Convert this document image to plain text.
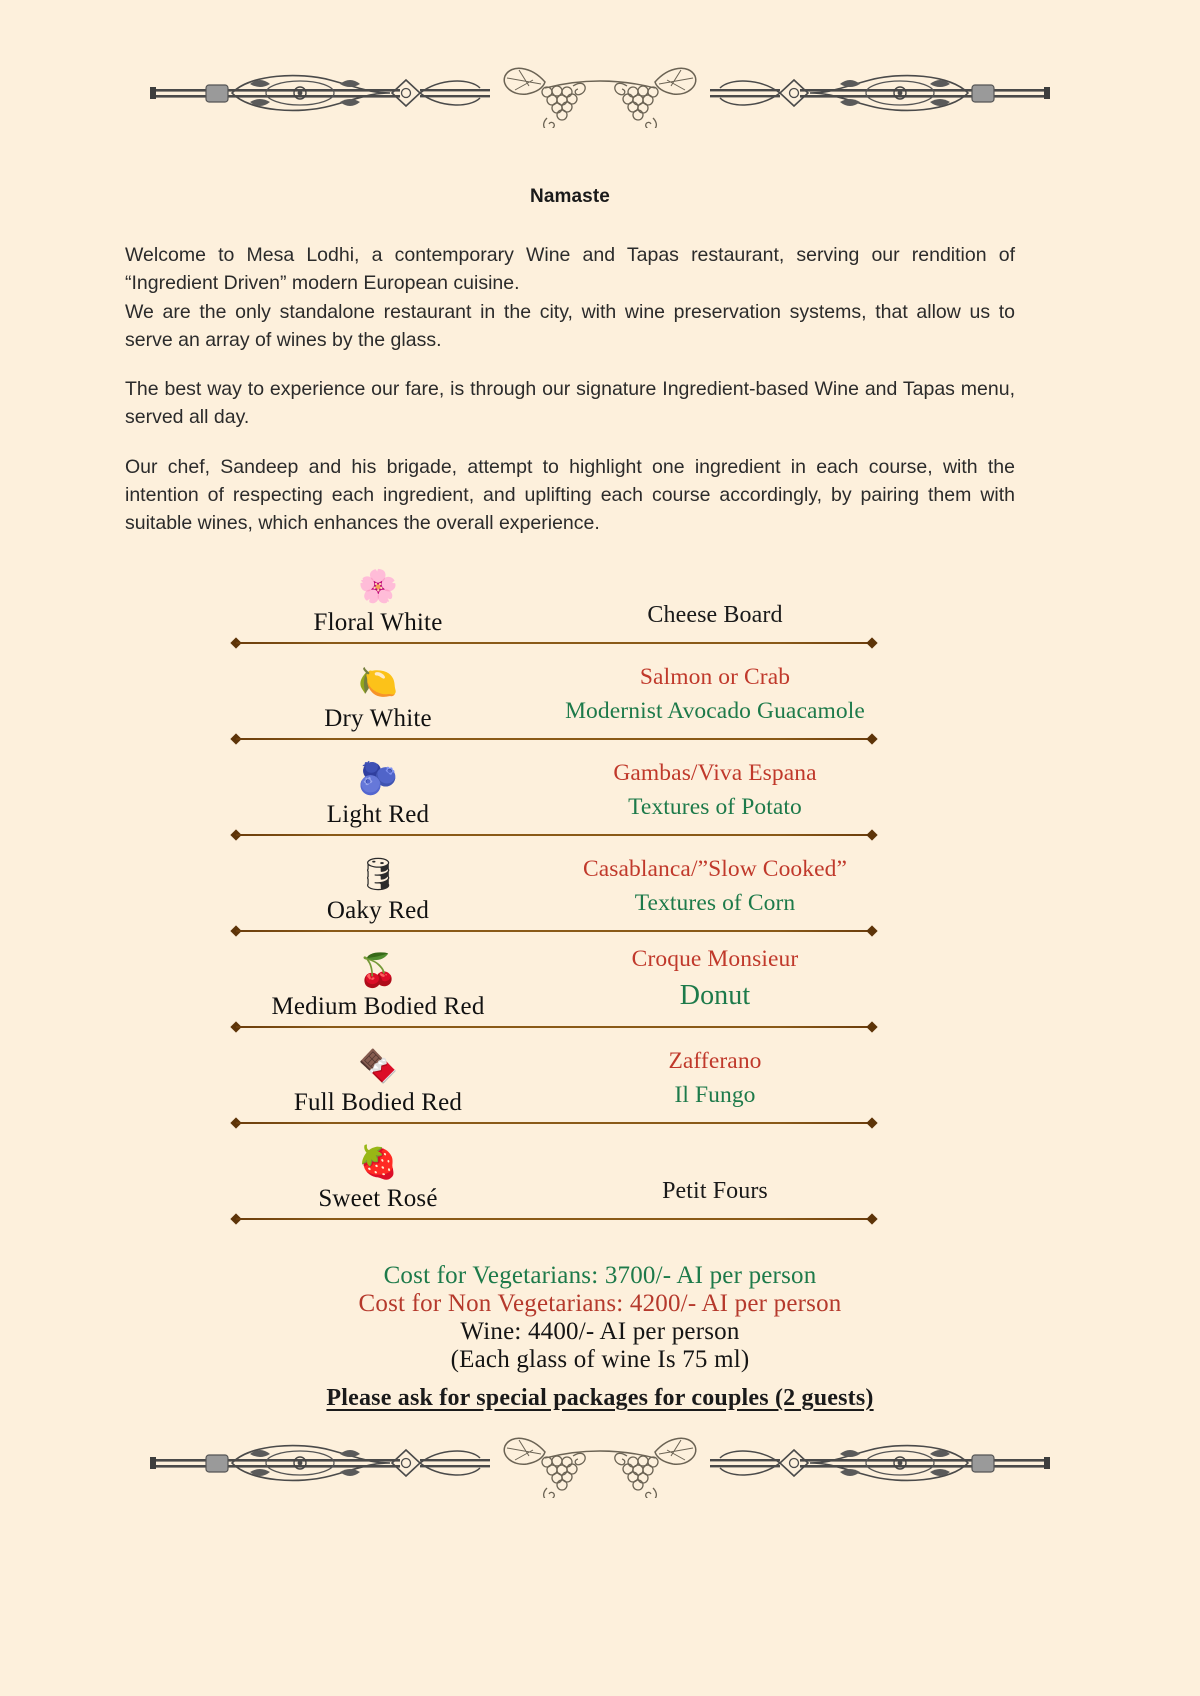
Namaste

Welcome to Mesa Lodhi, a contemporary Wine and Tapas restaurant, serving our rendition of “Ingredient Driven” modern European cuisine.
We are the only standalone restaurant in the city, with wine preservation systems, that allow us to serve an array of wines by the glass.

The best way to experience our fare, is through our signature Ingredient-based Wine and Tapas menu, served all day.

Our chef, Sandeep and his brigade, attempt to highlight one ingredient in each course, with the intention of respecting each ingredient, and uplifting each course accordingly, by pairing them with suitable wines, which enhances the overall experience.

🌸
Floral White	Cheese Board
🍋
Dry White
Salmon or Crab
Modernist Avocado Guacamole
🫐
Light Red
Gambas/Viva Espana
Textures of Potato
🛢
Oaky Red
Casablanca/”Slow Cooked”
Textures of Corn
🍒
Medium Bodied Red
Croque Monsieur
Donut
🍫
Full Bodied Red
Zafferano
Il Fungo
🍓
Sweet Rosé	Petit Fours
Cost for Vegetarians: 3700/- AI per person
Cost for Non Vegetarians: 4200/- AI per person
Wine: 4400/- AI per person
(Each glass of wine Is 75 ml)
Please ask for special packages for couples (2 guests)
